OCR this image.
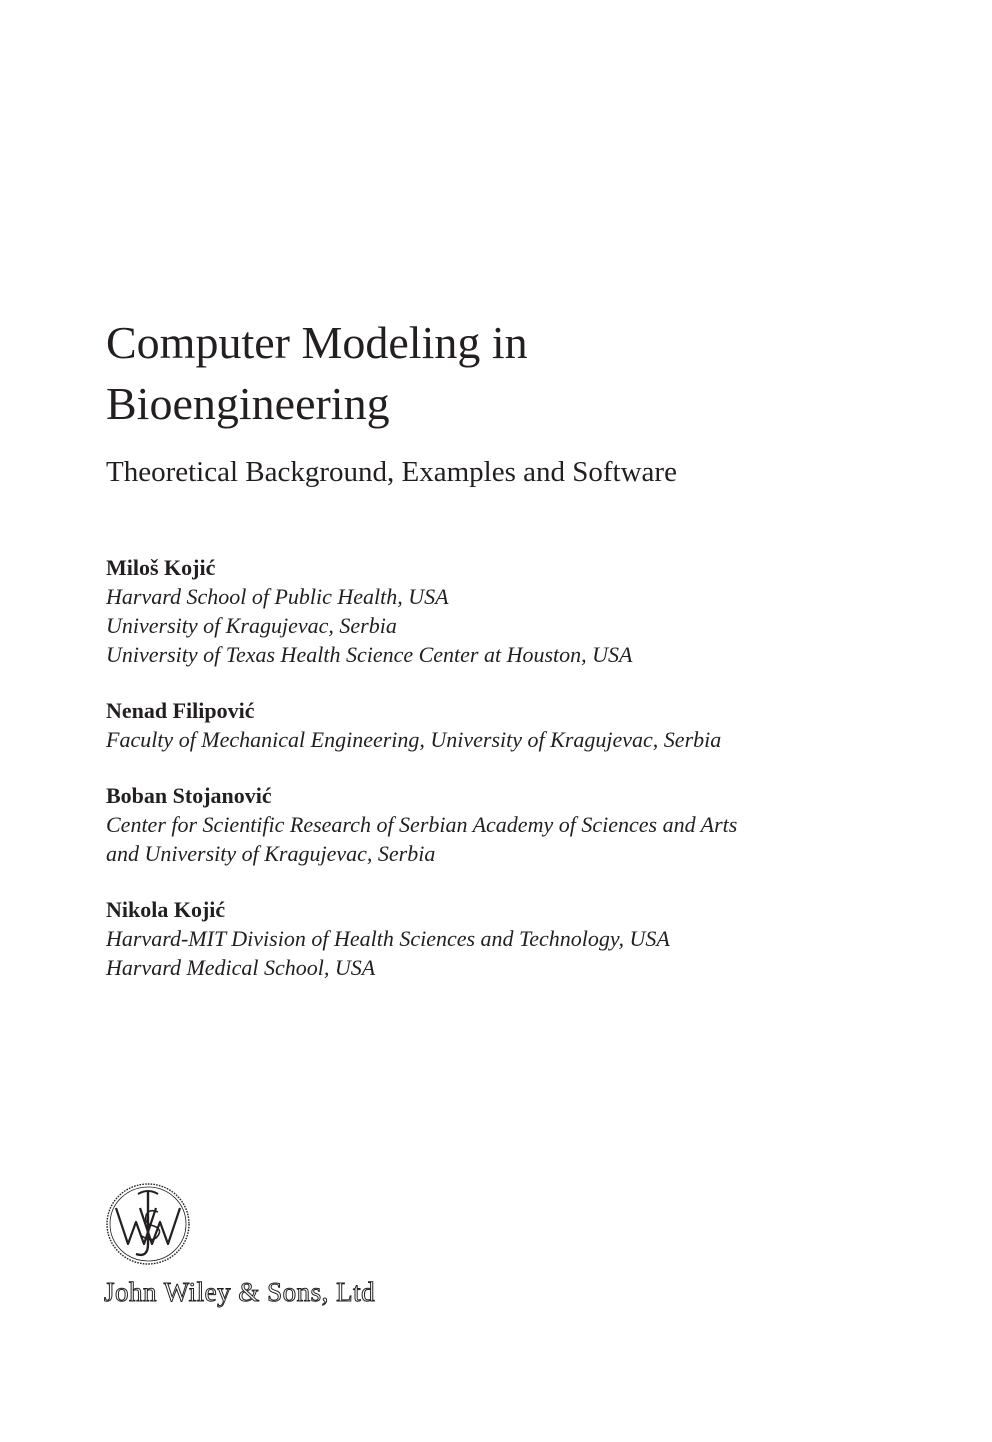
Computer Modeling in
Bioengineering

Theoretical Background, Examples and Software

Miloš Kojić
Harvard School of Public Health, USA
University of Kragujevac, Serbia
University of Texas Health Science Center at Houston, USA
Nenad Filipović
Faculty of Mechanical Engineering, University of Kragujevac, Serbia
Boban Stojanović
Center for Scientific Research of Serbian Academy of Sciences and Arts
and University of Kragujevac, Serbia
Nikola Kojić
Harvard-MIT Division of Health Sciences and Technology, USA
Harvard Medical School, USA
John Wiley & Sons, Ltd
